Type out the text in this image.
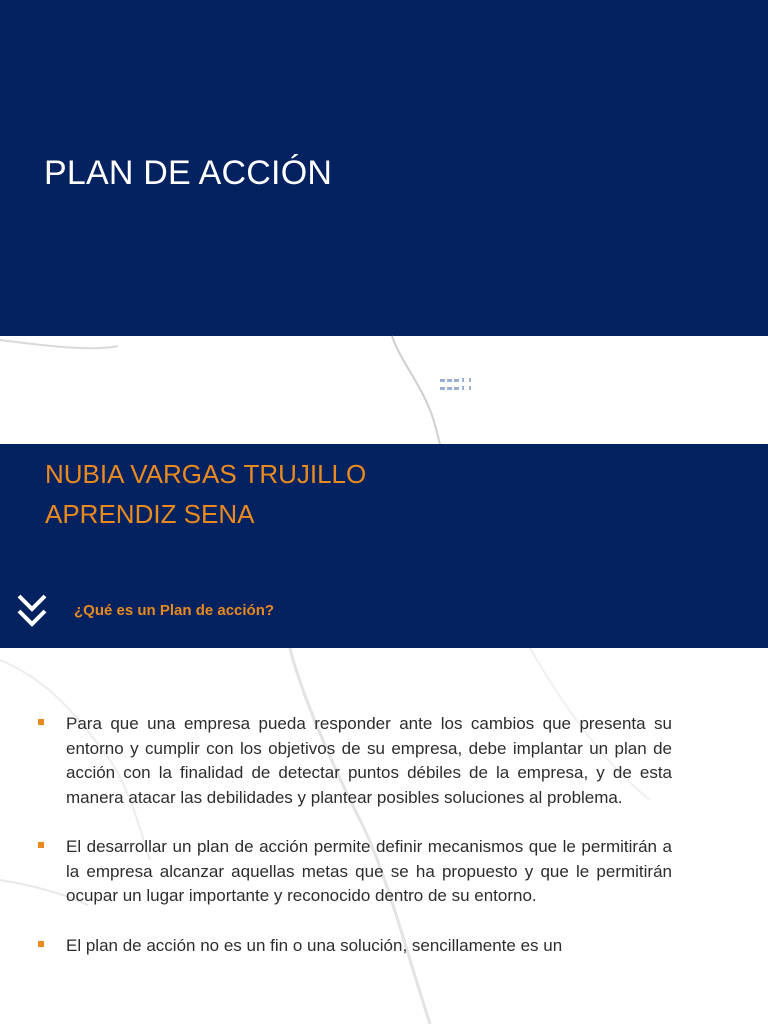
PLAN DE ACCIÓN
NUBIA VARGAS TRUJILLO
APRENDIZ SENA
¿Qué es un Plan de acción?
Para que una empresa pueda responder ante los cambios que presenta su entorno y cumplir con los objetivos de su empresa, debe implantar un plan de acción con la finalidad de detectar puntos débiles de la empresa, y de esta manera atacar las debilidades y plantear posibles soluciones al problema.
El desarrollar un plan de acción permite definir mecanismos que le permitirán a la empresa alcanzar aquellas metas que se ha propuesto y que le permitirán ocupar un lugar importante y reconocido dentro de su entorno.
El plan de acción no es un fin o una solución, sencillamente es un
